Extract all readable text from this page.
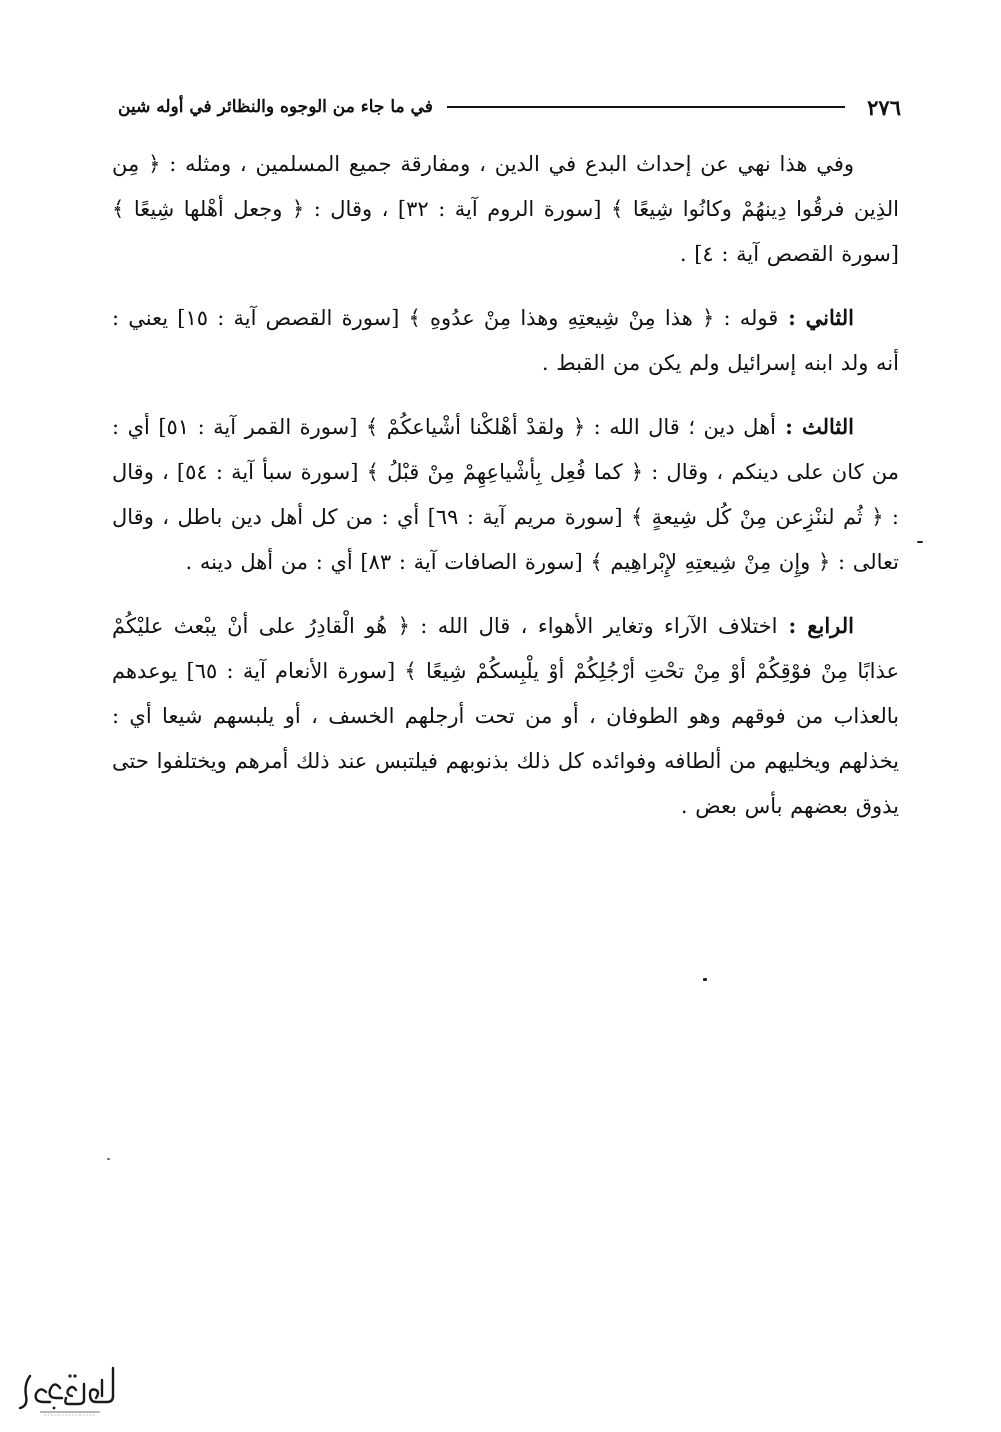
٢٧٦
في ما جاء من الوجوه والنظائر في أوله شين

وفي هذا نهي عن إحداث البدع في الدين ، ومفارقة جميع المسلمين ، ومثله : ﴿ مِن الذِين فرقُوا دِينهُمْ وكانُوا شِيعًا ﴾ [سورة الروم آية : ٣٢] ، وقال : ﴿ وجعل أهْلها شِيعًا ﴾ [سورة القصص آية : ٤] .

الثاني : قوله : ﴿ هذا مِنْ شِيعتِهِ وهذا مِنْ عدُوهِ ﴾ [سورة القصص آية : ١٥] يعني : أنه ولد ابنه إسرائيل ولم يكن من القبط .

الثالث : أهل دين ؛ قال الله : ﴿ ولقدْ أهْلكْنا أشْياعكُمْ ﴾ [سورة القمر آية : ٥١] أي : من كان على دينكم ، وقال : ﴿ كما فُعِل بِأشْياعِهِمْ مِنْ قبْلُ ﴾ [سورة سبأ آية : ٥٤] ، وقال : ﴿ ثُم لننْزِعن مِنْ كُل شِيعةٍ ﴾ [سورة مريم آية : ٦٩] أي : من كل أهل دين باطل ، وقال تعالى : ﴿ وإِن مِنْ شِيعتِهِ لإِبْراهِيم ﴾ [سورة الصافات آية : ٨٣] أي : من أهل دينه .

الرابع : اختلاف الآراء وتغاير الأهواء ، قال الله : ﴿ هُو الْقادِرُ على أنْ يبْعث عليْكُمْ عذابًا مِنْ فوْقِكُمْ أوْ مِنْ تحْتِ أرْجُلِكُمْ أوْ يلْبِسكُمْ شِيعًا ﴾ [سورة الأنعام آية : ٦٥] يوعدهم بالعذاب من فوقهم وهو الطوفان ، أو من تحت أرجلهم الخسف ، أو يلبسهم شيعا أي : يخذلهم ويخليهم من ألطافه وفوائده كل ذلك بذنوبهم فيلتبس عند ذلك أمرهم ويختلفوا حتى يذوق بعضهم بأس بعض .
